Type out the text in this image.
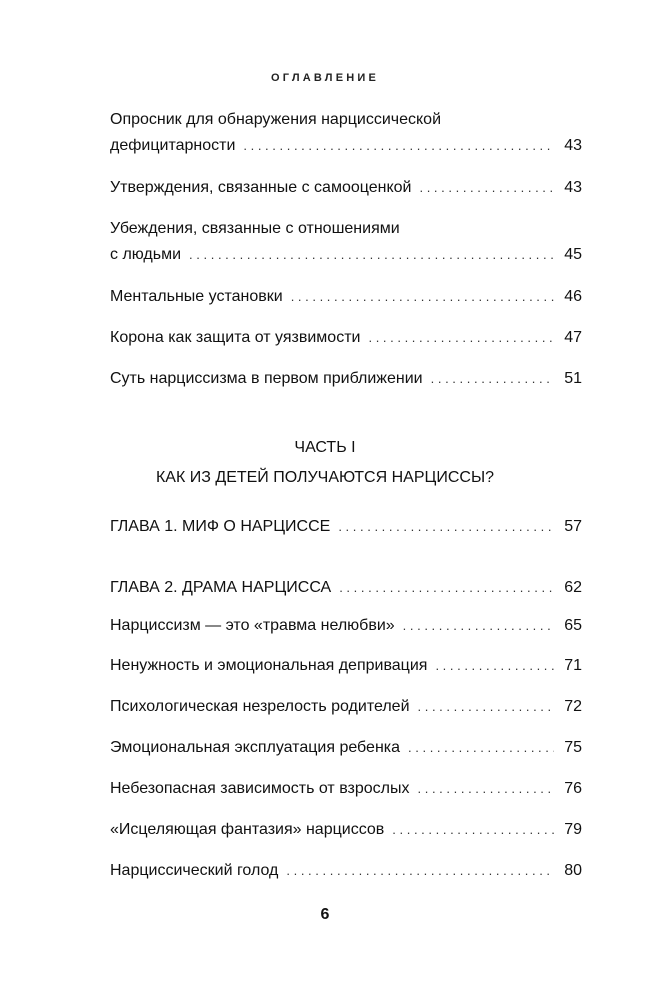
ОГЛАВЛЕНИЕ
Опросник для обнаружения нарциссической
дефицитарности . . .	43
Утверждения, связанные с самооценкой . . .	43
Убеждения, связанные с отношениями
с людьми . . .	45
Ментальные установки . . .	46
Корона как защита от уязвимости . . .	47
Суть нарциссизма в первом приближении . . .	51
ЧАСТЬ I
КАК ИЗ ДЕТЕЙ ПОЛУЧАЮТСЯ НАРЦИССЫ?
ГЛАВА 1. МИФ О НАРЦИССЕ . . .	57
ГЛАВА 2. ДРАМА НАРЦИССА . . .	62
Нарциссизм — это «травма нелюбви» . . .	65
Ненужность и эмоциональная депривация . . .	71
Психологическая незрелость родителей . . .	72
Эмоциональная эксплуатация ребенка . . .	75
Небезопасная зависимость от взрослых . . .	76
«Исцеляющая фантазия» нарциссов . . .	79
Нарциссический голод . . .	80
6
